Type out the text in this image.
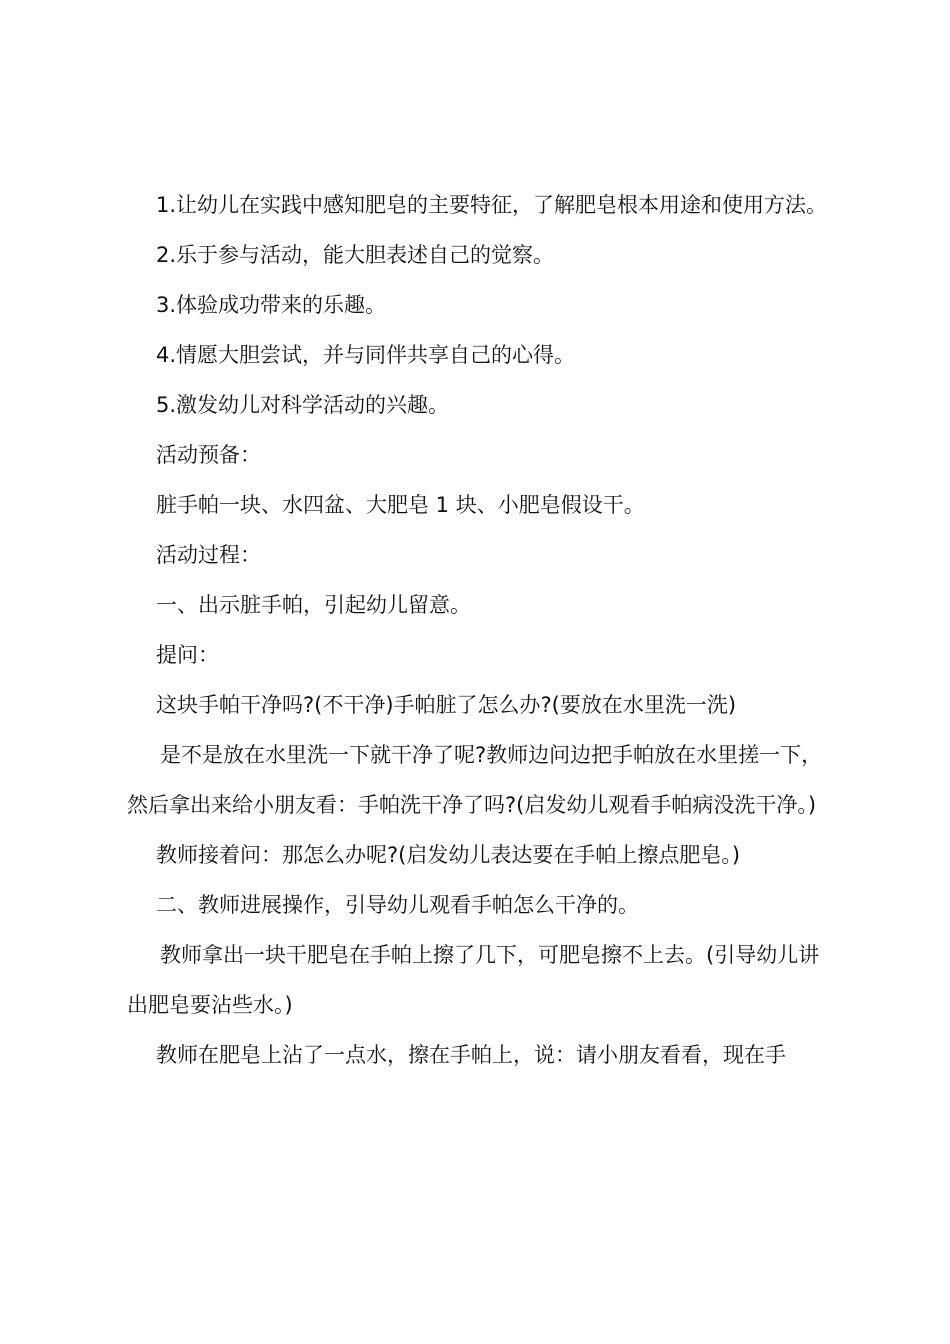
1.让幼儿在实践中感知肥皂的主要特征，了解肥皂根本用途和使用方法。

2.乐于参与活动，能大胆表述自己的觉察。

3.体验成功带来的乐趣。

4.情愿大胆尝试，并与同伴共享自己的心得。

5.激发幼儿对科学活动的兴趣。

活动预备：

脏手帕一块、水四盆、大肥皂 1 块、小肥皂假设干。

活动过程：

一、出示脏手帕，引起幼儿留意。

提问：

这块手帕干净吗?(不干净)手帕脏了怎么办?(要放在水里洗一洗)

是不是放在水里洗一下就干净了呢?教师边问边把手帕放在水里搓一下，然后拿出来给小朋友看：手帕洗干净了吗?(启发幼儿观看手帕病没洗干净。)

教师接着问：那怎么办呢?(启发幼儿表达要在手帕上擦点肥皂。)

二、教师进展操作，引导幼儿观看手帕怎么干净的。

教师拿出一块干肥皂在手帕上擦了几下，可肥皂擦不上去。(引导幼儿讲出肥皂要沾些水。)

教师在肥皂上沾了一点水，擦在手帕上，说：请小朋友看看，现在手
